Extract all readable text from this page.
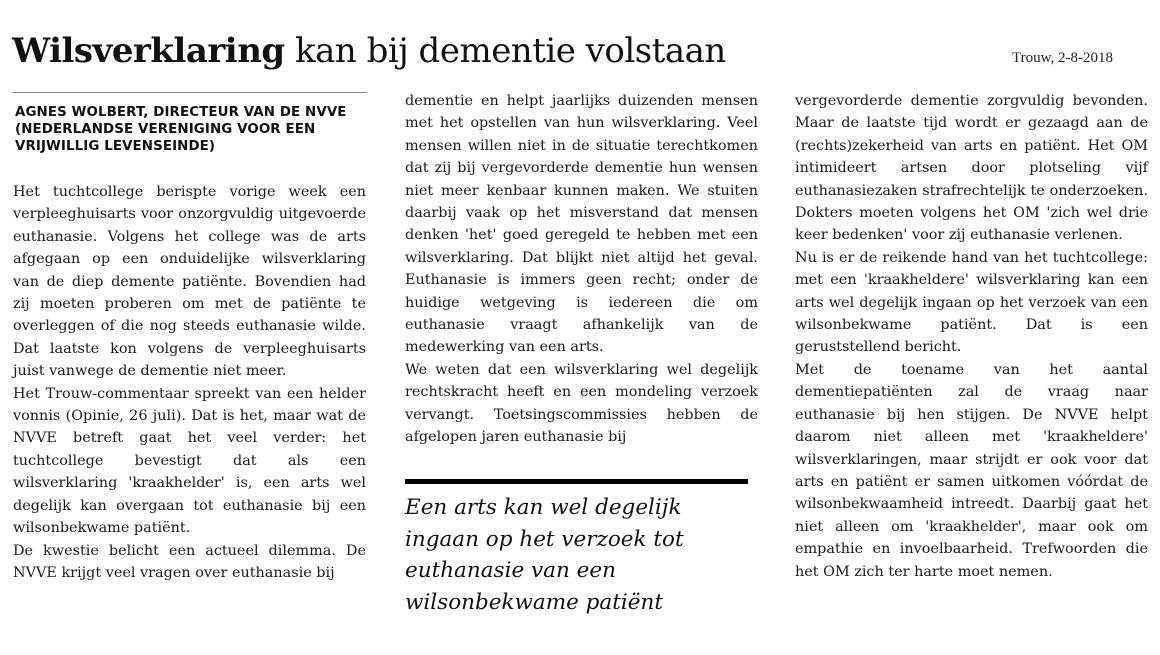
Wilsverklaring kan bij dementie volstaan	Trouw, 2-8-2018
AGNES WOLBERT, DIRECTEUR VAN DE NVVE (NEDERLANDSE VERENIGING VOOR EEN VRIJWILLIG LEVENSEINDE)

Het tuchtcollege berispte vorige week een verpleeghuisarts voor onzorgvuldig uitgevoerde euthanasie. Volgens het college was de arts afgegaan op een onduidelijke wilsverklaring van de diep demente patiënte. Bovendien had zij moeten proberen om met de patiënte te overleggen of die nog steeds euthanasie wilde. Dat laatste kon volgens de verpleeghuisarts juist vanwege de dementie niet meer.

Het Trouw-commentaar spreekt van een helder vonnis (Opinie, 26 juli). Dat is het, maar wat de NVVE betreft gaat het veel verder: het tuchtcollege bevestigt dat als een wilsverklaring 'kraakhelder' is, een arts wel degelijk kan overgaan tot euthanasie bij een wilsonbekwame patiënt.

De kwestie belicht een actueel dilemma. De NVVE krijgt veel vragen over euthanasie bij

dementie en helpt jaarlijks duizenden mensen met het opstellen van hun wilsverklaring. Veel mensen willen niet in de situatie terechtkomen dat zij bij vergevorderde dementie hun wensen niet meer kenbaar kunnen maken. We stuiten daarbij vaak op het misverstand dat mensen denken 'het' goed geregeld te hebben met een wilsverklaring. Dat blijkt niet altijd het geval. Euthanasie is immers geen recht; onder de huidige wetgeving is iedereen die om euthanasie vraagt afhankelijk van de medewerking van een arts.

We weten dat een wilsverklaring wel degelijk rechtskracht heeft en een mondeling verzoek vervangt. Toetsingscommissies hebben de afgelopen jaren euthanasie bij

Een arts kan wel degelijk ingaan op het verzoek tot euthanasie van een wilsonbekwame patiënt

vergevorderde dementie zorgvuldig bevonden. Maar de laatste tijd wordt er gezaagd aan de (rechts)zekerheid van arts en patiënt. Het OM intimideert artsen door plotseling vijf euthanasiezaken strafrechtelijk te onderzoeken. Dokters moeten volgens het OM 'zich wel drie keer bedenken' voor zij euthanasie verlenen.

Nu is er de reikende hand van het tuchtcollege: met een 'kraakheldere' wilsverklaring kan een arts wel degelijk ingaan op het verzoek van een wilsonbekwame patiënt. Dat is een geruststellend bericht.

Met de toename van het aantal dementiepatiënten zal de vraag naar euthanasie bij hen stijgen. De NVVE helpt daarom niet alleen met 'kraakheldere' wilsverklaringen, maar strijdt er ook voor dat arts en patiënt er samen uitkomen vóórdat de wilsonbekwaamheid intreedt. Daarbij gaat het niet alleen om 'kraakhelder', maar ook om empathie en invoelbaarheid. Trefwoorden die het OM zich ter harte moet nemen.
